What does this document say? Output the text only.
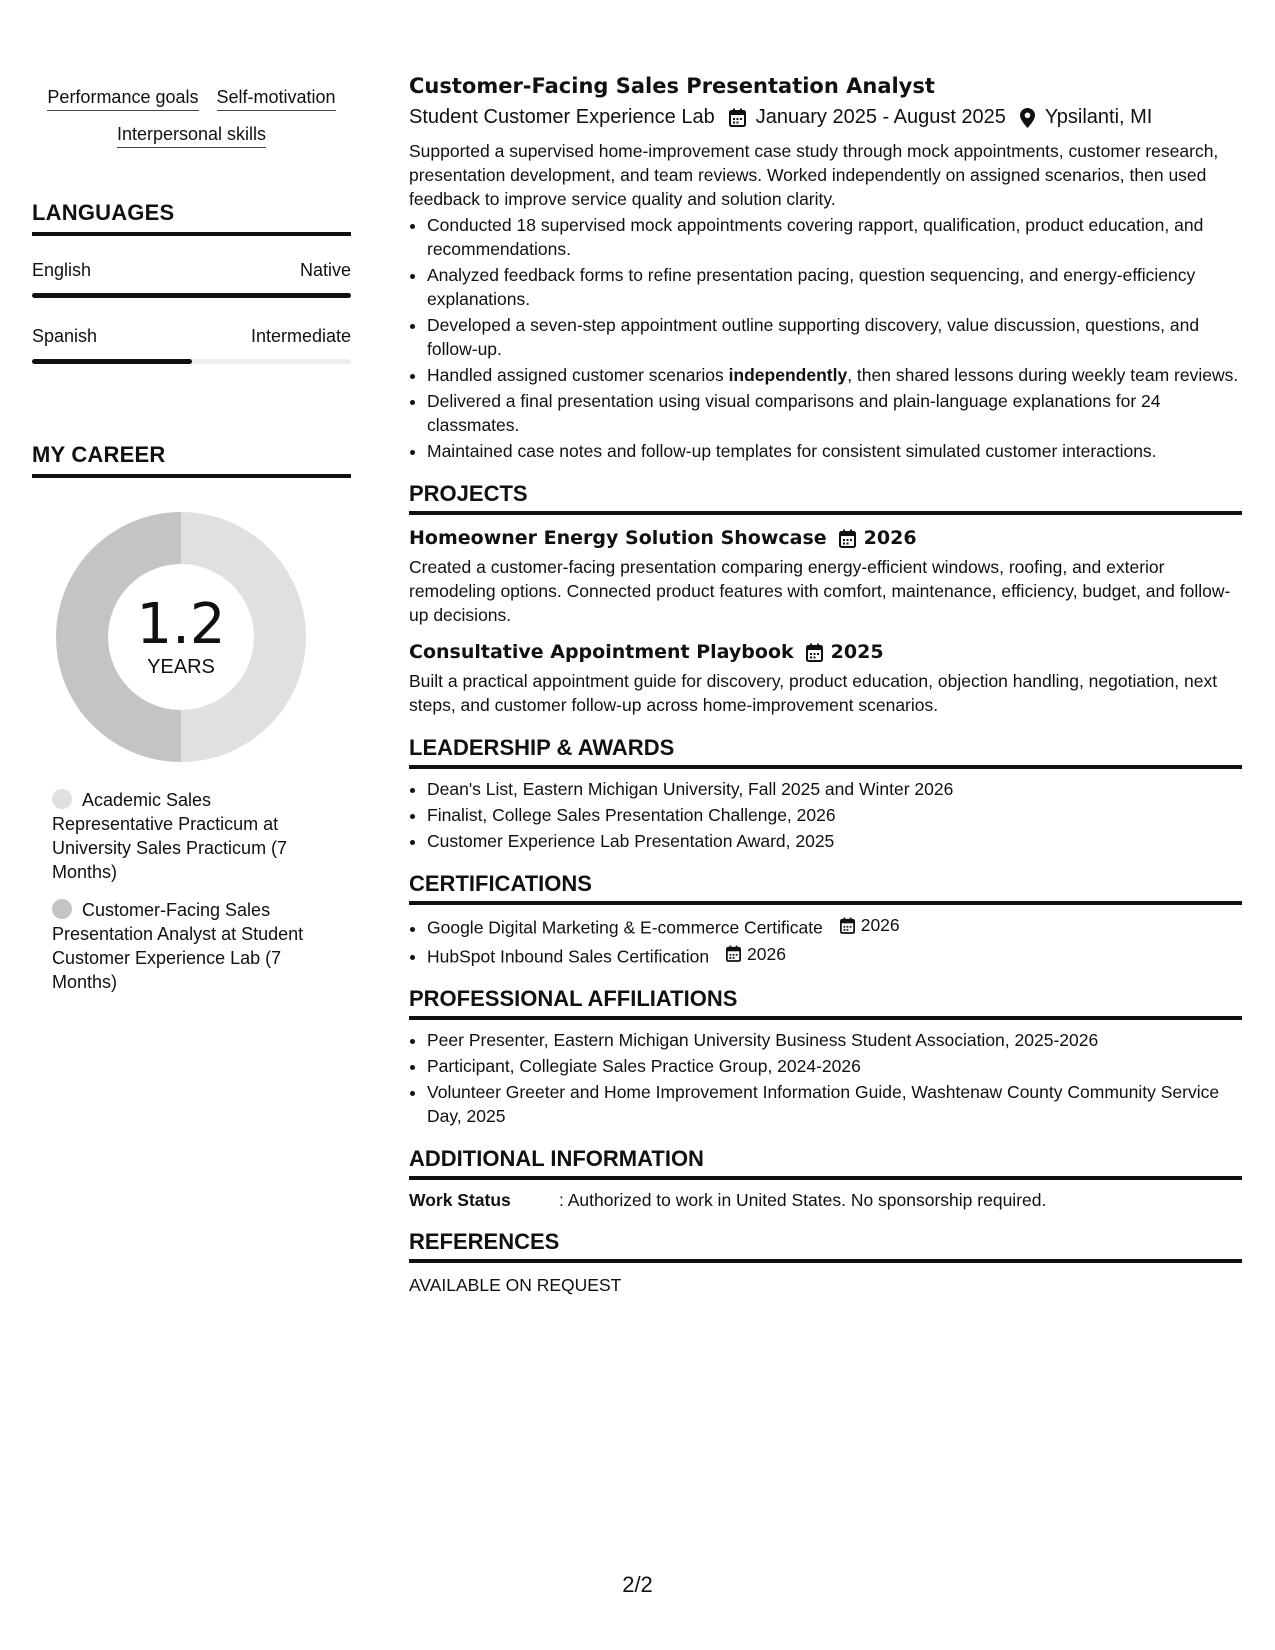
Performance goals Self-motivation
Interpersonal skills
LANGUAGES
English	Native
Spanish	Intermediate
MY CAREER
1.2
YEARS
Academic Sales Representative Practicum at University Sales Practicum (7 Months)
Customer-Facing Sales Presentation Analyst at Student Customer Experience Lab (7 Months)
Customer-Facing Sales Presentation Analyst
Student Customer Experience Lab January 2025 - August 2025 Ypsilanti, MI
Supported a supervised home-improvement case study through mock appointments, customer research, presentation development, and team reviews. Worked independently on assigned scenarios, then used feedback to improve service quality and solution clarity.
• Conducted 18 supervised mock appointments covering rapport, qualification, product education, and recommendations.
• Analyzed feedback forms to refine presentation pacing, question sequencing, and energy-efficiency explanations.
• Developed a seven-step appointment outline supporting discovery, value discussion, questions, and follow-up.
• Handled assigned customer scenarios independently, then shared lessons during weekly team reviews.
• Delivered a final presentation using visual comparisons and plain-language explanations for 24 classmates.
• Maintained case notes and follow-up templates for consistent simulated customer interactions.
PROJECTS
Homeowner Energy Solution Showcase 2026
Created a customer-facing presentation comparing energy-efficient windows, roofing, and exterior remodeling options. Connected product features with comfort, maintenance, efficiency, budget, and follow-up decisions.
Consultative Appointment Playbook 2025
Built a practical appointment guide for discovery, product education, objection handling, negotiation, next steps, and customer follow-up across home-improvement scenarios.
LEADERSHIP & AWARDS
• Dean's List, Eastern Michigan University, Fall 2025 and Winter 2026
• Finalist, College Sales Presentation Challenge, 2026
• Customer Experience Lab Presentation Award, 2025
CERTIFICATIONS
• Google Digital Marketing & E-commerce Certificate 2026
• HubSpot Inbound Sales Certification 2026
PROFESSIONAL AFFILIATIONS
• Peer Presenter, Eastern Michigan University Business Student Association, 2025-2026
• Participant, Collegiate Sales Practice Group, 2024-2026
• Volunteer Greeter and Home Improvement Information Guide, Washtenaw County Community Service Day, 2025
ADDITIONAL INFORMATION
Work Status	: Authorized to work in United States. No sponsorship required.
REFERENCES
AVAILABLE ON REQUEST
2/2
